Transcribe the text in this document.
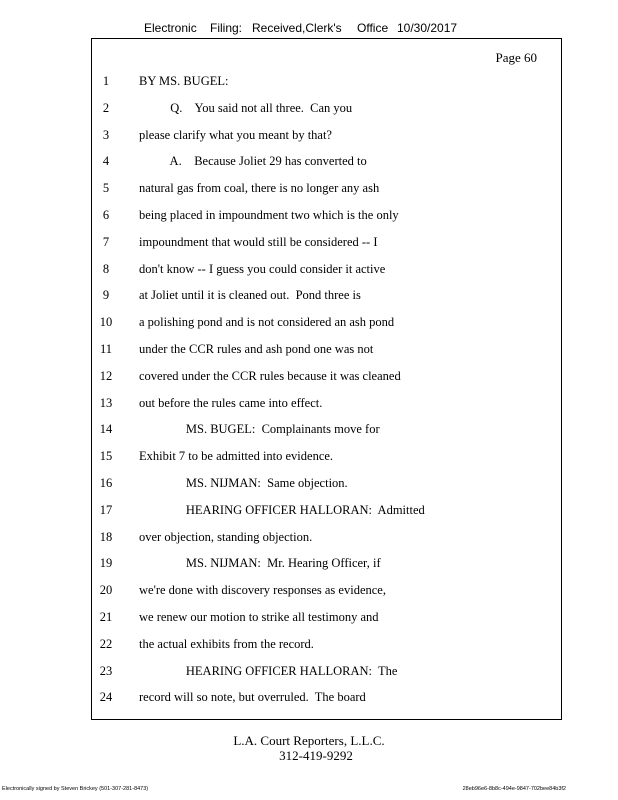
Electronic Filing: Received,Clerk's Office 10/30/2017
Page 60
1	BY MS. BUGEL:
2	Q.    You said not all three.  Can you
3	please clarify what you meant by that?
4	A.    Because Joliet 29 has converted to
5	natural gas from coal, there is no longer any ash
6	being placed in impoundment two which is the only
7	impoundment that would still be considered -- I
8	don't know -- I guess you could consider it active
9	at Joliet until it is cleaned out.  Pond three is
10	a polishing pond and is not considered an ash pond
11	under the CCR rules and ash pond one was not
12	covered under the CCR rules because it was cleaned
13	out before the rules came into effect.
14	MS. BUGEL:  Complainants move for
15	Exhibit 7 to be admitted into evidence.
16	MS. NIJMAN:  Same objection.
17	HEARING OFFICER HALLORAN:  Admitted
18	over objection, standing objection.
19	MS. NIJMAN:  Mr. Hearing Officer, if
20	we're done with discovery responses as evidence,
21	we renew our motion to strike all testimony and
22	the actual exhibits from the record.
23	HEARING OFFICER HALLORAN:  The
24	record will so note, but overruled.  The board
L.A. Court Reporters, L.L.C.
312-419-9292
Electronically signed by Steven Brickey (501-307-281-8473)	28eb96e6-8b8c-494e-9847-702bee84b3f2
